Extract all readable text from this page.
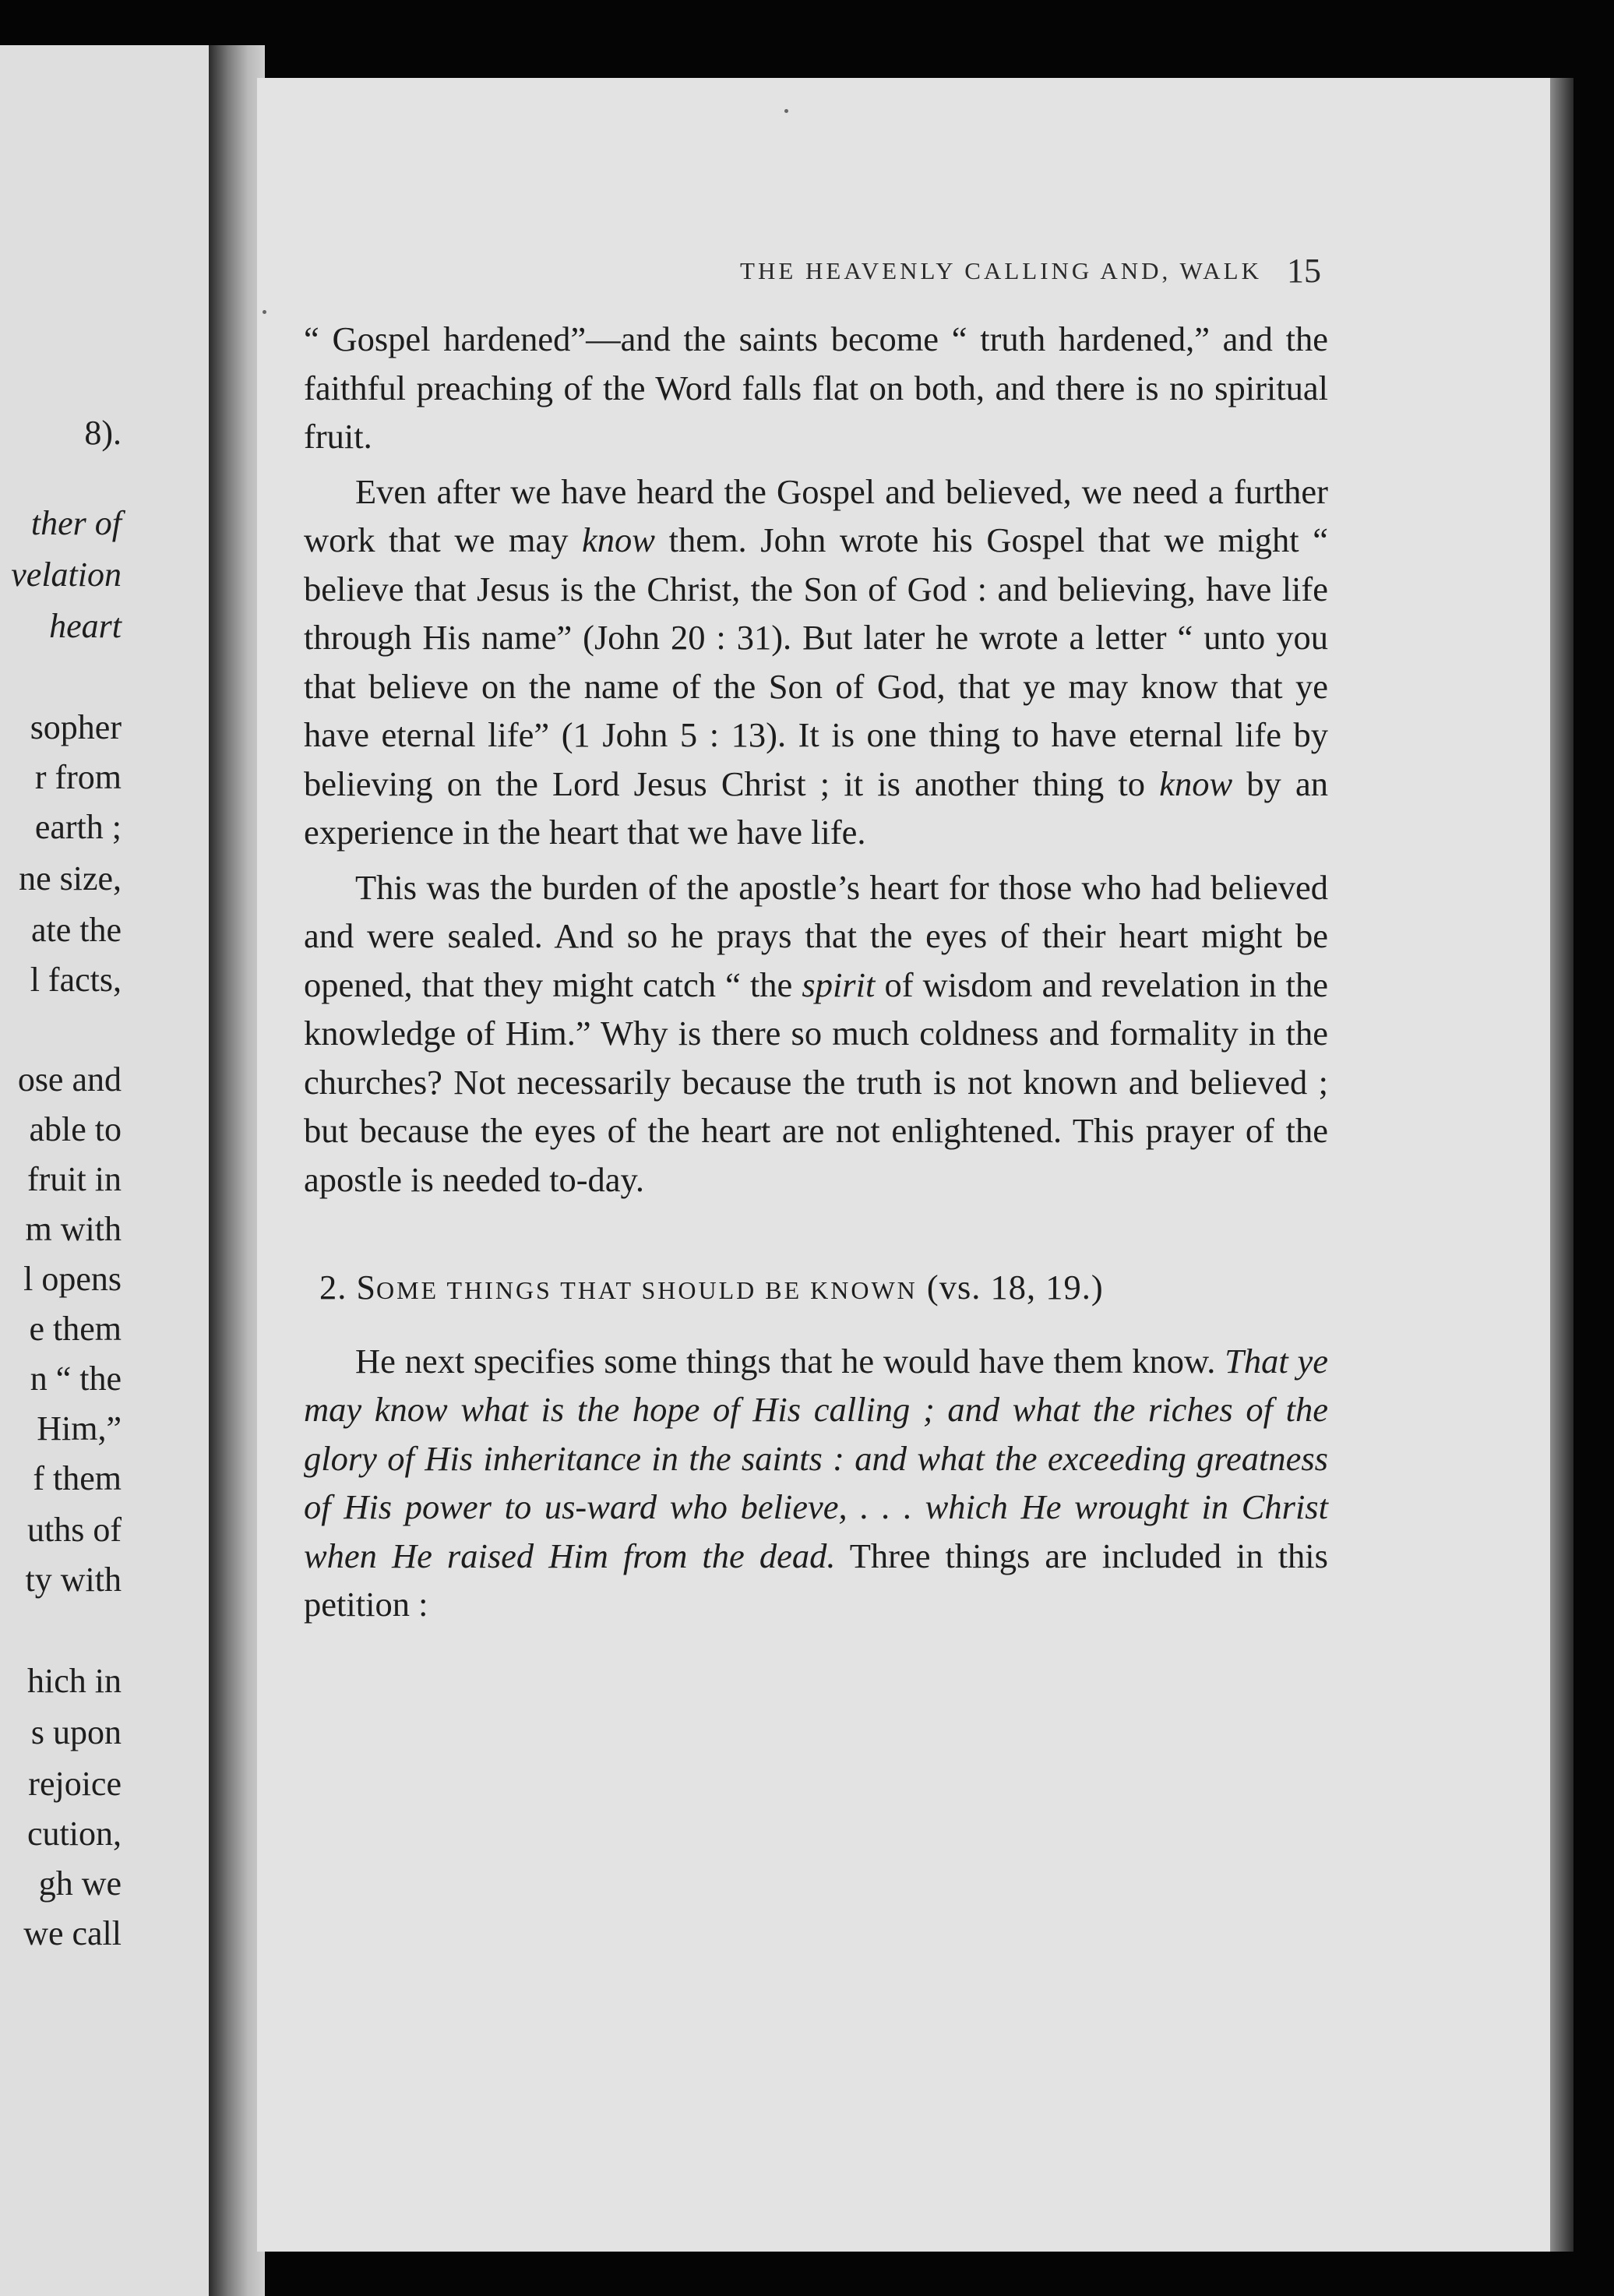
8).
ther of
velation
heart
sopher
r from
earth ;
ne size,
ate the
l facts,
ose and
able to
fruit in
m with
l opens
e them
n “ the
Him,”
f them
uths of
ty with
hich in
s upon
rejoice
cution,
gh we
we call
THE HEAVENLY CALLING AND, WALK 15

“ Gospel hardened”—and the saints become “ truth hardened,” and the faithful preaching of the Word falls flat on both, and there is no spiritual fruit.

Even after we have heard the Gospel and believed, we need a further work that we may know them. John wrote his Gospel that we might “ believe that Jesus is the Christ, the Son of God : and believing, have life through His name” (John 20 : 31). But later he wrote a letter “ unto you that believe on the name of the Son of God, that ye may know that ye have eternal life” (1 John 5 : 13). It is one thing to have eternal life by believing on the Lord Jesus Christ ; it is another thing to know by an experience in the heart that we have life.

This was the burden of the apostle’s heart for those who had believed and were sealed. And so he prays that the eyes of their heart might be opened, that they might catch “ the spirit of wisdom and revelation in the knowledge of Him.” Why is there so much coldness and formality in the churches? Not necessarily because the truth is not known and believed ; but because the eyes of the heart are not enlightened. This prayer of the apostle is needed to-day.

2. SOME THINGS THAT SHOULD BE KNOWN (vs. 18, 19.)

He next specifies some things that he would have them know. That ye may know what is the hope of His calling ; and what the riches of the glory of His inheritance in the saints : and what the exceeding greatness of His power to us-ward who believe, . . . which He wrought in Christ when He raised Him from the dead. Three things are included in this petition :
